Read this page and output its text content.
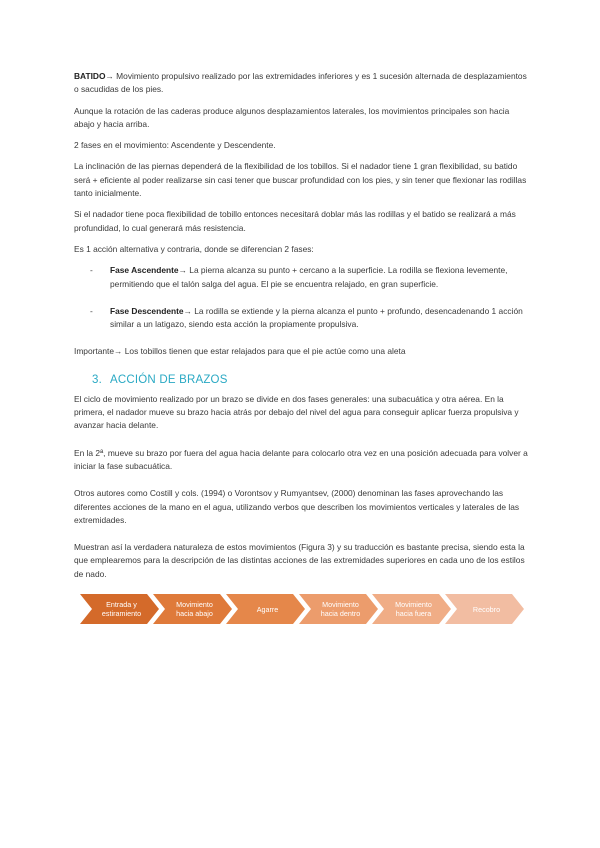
BATIDO→ Movimiento propulsivo realizado por las extremidades inferiores y es 1 sucesión alternada de desplazamientos o sacudidas de los pies.

Aunque la rotación de las caderas produce algunos desplazamientos laterales, los movimientos principales son hacia abajo y hacia arriba.

2 fases en el movimiento: Ascendente y Descendente.

La inclinación de las piernas dependerá de la flexibilidad de los tobillos. Si el nadador tiene 1 gran flexibilidad, su batido será + eficiente al poder realizarse sin casi tener que buscar profundidad con los pies, y sin tener que flexionar las rodillas tanto inicialmente.

Si el nadador tiene poca flexibilidad de tobillo entonces necesitará doblar más las rodillas y el batido se realizará a más profundidad, lo cual generará más resistencia.

Es 1 acción alternativa y contraria, donde se diferencian 2 fases:

- Fase Ascendente→ La pierna alcanza su punto + cercano a la superficie. La rodilla se flexiona levemente, permitiendo que el talón salga del agua. El pie se encuentra relajado, en gran superficie.
- Fase Descendente→ La rodilla se extiende y la pierna alcanza el punto + profundo, desencadenando 1 acción similar a un latigazo, siendo esta acción la propiamente propulsiva.

Importante→ Los tobillos tienen que estar relajados para que el pie actúe como una aleta

3. ACCIÓN DE BRAZOS

El ciclo de movimiento realizado por un brazo se divide en dos fases generales: una subacuática y otra aérea. En la primera, el nadador mueve su brazo hacia atrás por debajo del nivel del agua para conseguir aplicar fuerza propulsiva y avanzar hacia delante.

En la 2ª, mueve su brazo por fuera del agua hacia delante para colocarlo otra vez en una posición adecuada para volver a iniciar la fase subacuática.

Otros autores como Costill y cols. (1994) o Vorontsov y Rumyantsev, (2000) denominan las fases aprovechando las diferentes acciones de la mano en el agua, utilizando verbos que describen los movimientos verticales y laterales de las extremidades.

Muestran así la verdadera naturaleza de estos movimientos (Figura 3) y su traducción es bastante precisa, siendo esta la que emplearemos para la descripción de las distintas acciones de las extremidades superiores en cada uno de los estilos de nado.

Entrada y estiramiento
Movimiento hacia abajo	Agarre	Movimiento hacia dentro
Movimiento hacia fuera	Recobro
